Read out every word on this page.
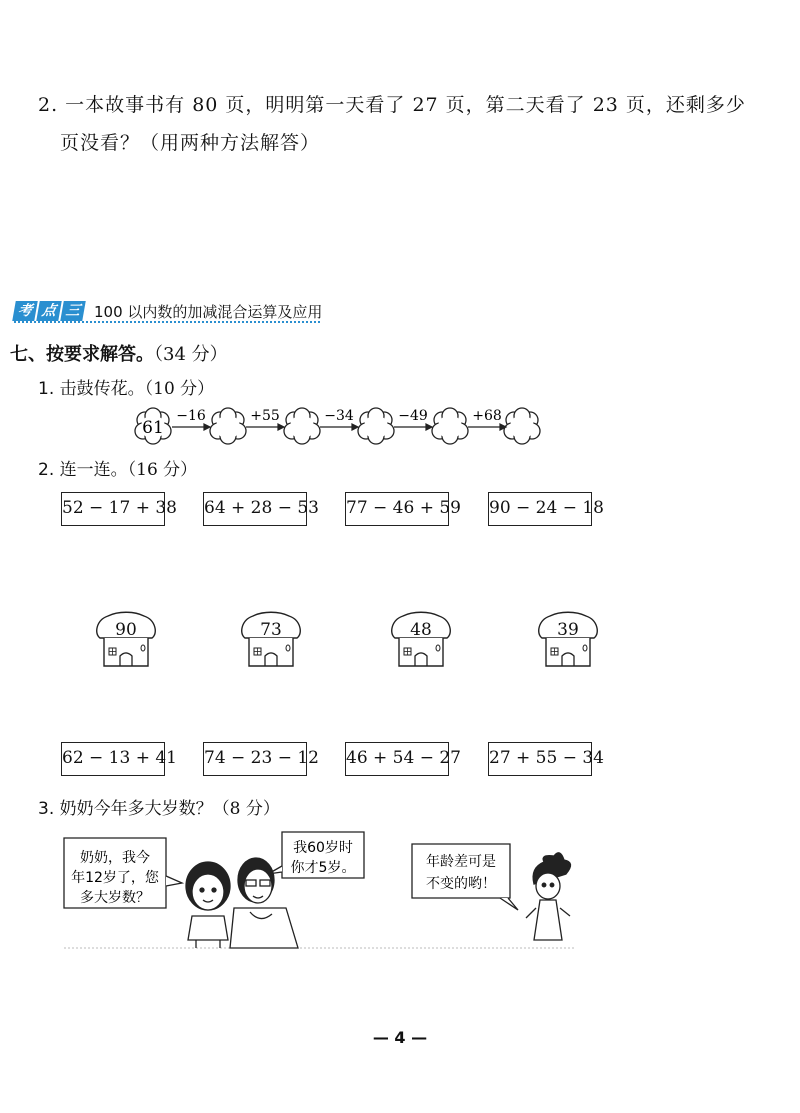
2. 一本故事书有 80 页，明明第一天看了 27 页，第二天看了 23 页，还剩多少
页没看？（用两种方法解答）
考 点 三 100 以内数的加减混合运算及应用
七、按要求解答。（34 分）
1. 击鼓传花。（10 分）
61
−16	+55	−34	−49	+68
2. 连一连。（16 分）
52 − 17 + 38 64 + 28 − 53 77 − 46 + 59 90 − 24 − 18
90	73	48	39
62 − 13 + 41 74 − 23 − 12 46 + 54 − 27 27 + 55 − 34
3. 奶奶今年多大岁数？（8 分）
奶奶，我今
年12岁了，您
多大岁数？
我60岁时
你才5岁。	年龄差可是
不变的哟！
— 4 —
